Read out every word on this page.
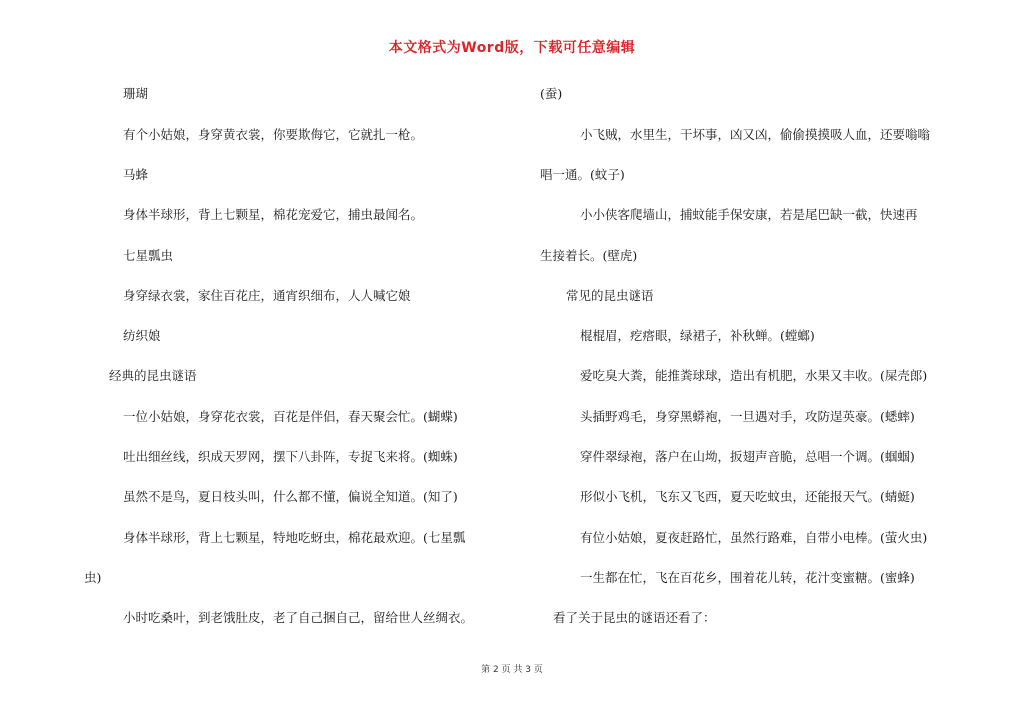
本文格式为Word版，下载可任意编辑
珊瑚
有个小姑娘，身穿黄衣裳，你要欺侮它，它就扎一枪。
马蜂
身体半球形，背上七颗星，棉花宠爱它，捕虫最闻名。
七星瓢虫
身穿绿衣裳，家住百花庄，通宵织细布，人人喊它娘
纺织娘
经典的昆虫谜语
一位小姑娘，身穿花衣裳，百花是伴侣，春天聚会忙。(蝴蝶)
吐出细丝线，织成天罗网，摆下八卦阵，专捉飞来将。(蜘蛛)
虽然不是鸟，夏日枝头叫，什么都不懂，偏说全知道。(知了)
身体半球形，背上七颗星，特地吃蚜虫，棉花最欢迎。(七星瓢
虫)
小时吃桑叶，到老饿肚皮，老了自己捆自己，留给世人丝绸衣。
(蚕)
小飞贼，水里生，干坏事，凶又凶，偷偷摸摸吸人血，还要嗡嗡
唱一通。(蚊子)
小小侠客爬墙山，捕蚊能手保安康，若是尾巴缺一截，快速再
生接着长。(壁虎)
常见的昆虫谜语
棍棍眉，疙瘩眼，绿裙子，补秋蝉。(螳螂)
爱吃臭大粪，能推粪球球，造出有机肥，水果又丰收。(屎壳郎)
头插野鸡毛，身穿黑蟒袍，一旦遇对手，攻防逞英豪。(蟋蟀)
穿件翠绿袍，落户在山坳，扳翅声音脆，总唱一个调。(蝈蝈)
形似小飞机，飞东又飞西，夏天吃蚊虫，还能报天气。(蜻蜓)
有位小姑娘，夏夜赶路忙，虽然行路难，自带小电棒。(萤火虫)
一生都在忙，飞在百花乡，围着花儿转，花汁变蜜糖。(蜜蜂)
看了关于昆虫的谜语还看了：
第 2 页 共 3 页
